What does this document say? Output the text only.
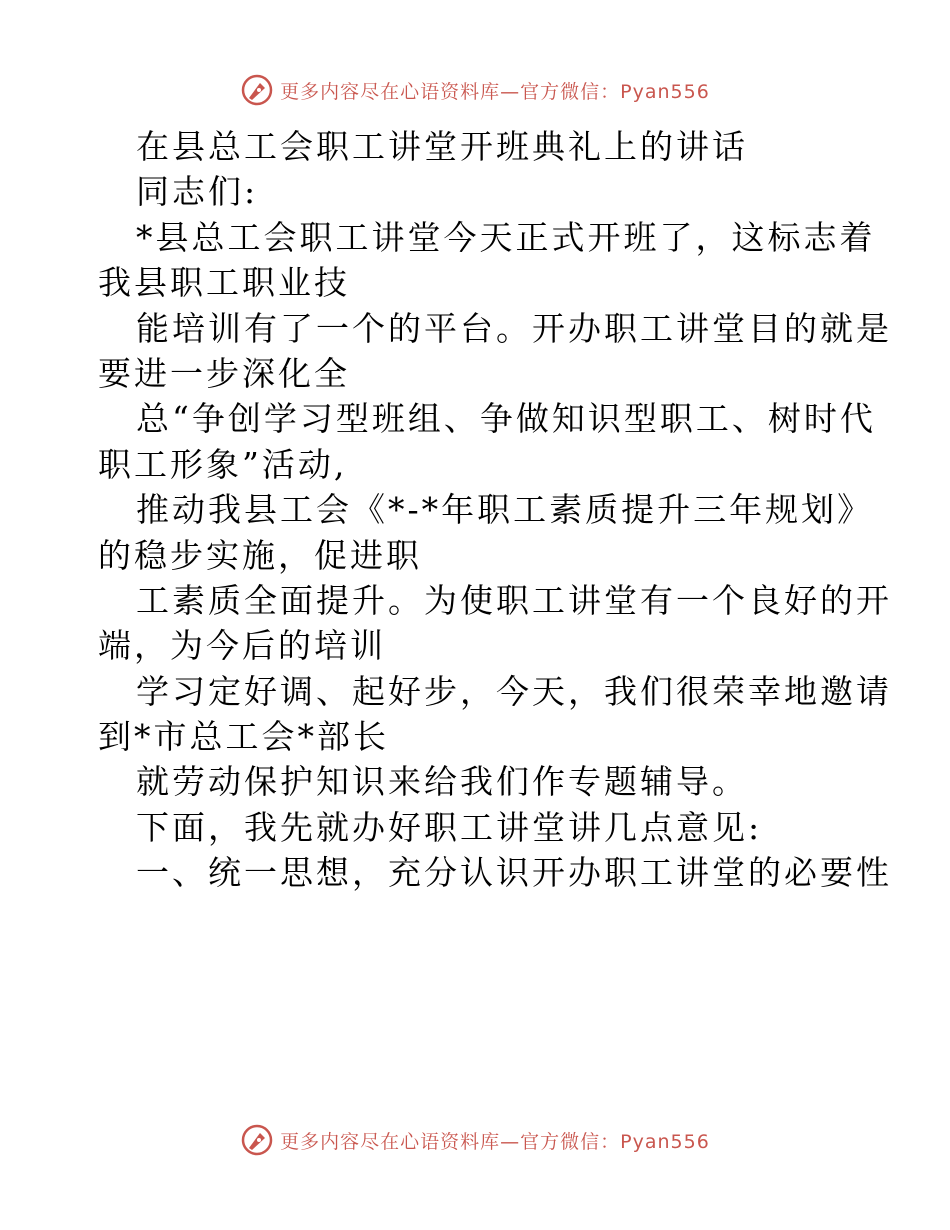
更多内容尽在心语资料库—官方微信：Pyan556
在县总工会职工讲堂开班典礼上的讲话
同志们:
*县总工会职工讲堂今天正式开班了，这标志着
我县职工职业技
能培训有了一个的平台。开办职工讲堂目的就是
要进一步深化全
总“争创学习型班组、争做知识型职工、树时代
职工形象”活动,
推动我县工会《*-*年职工素质提升三年规划》
的稳步实施，促进职
工素质全面提升。为使职工讲堂有一个良好的开
端，为今后的培训
学习定好调、起好步，今天，我们很荣幸地邀请
到*市总工会*部长
就劳动保护知识来给我们作专题辅导。
下面，我先就办好职工讲堂讲几点意见:
一、统一思想，充分认识开办职工讲堂的必要性
更多内容尽在心语资料库—官方微信：Pyan556
